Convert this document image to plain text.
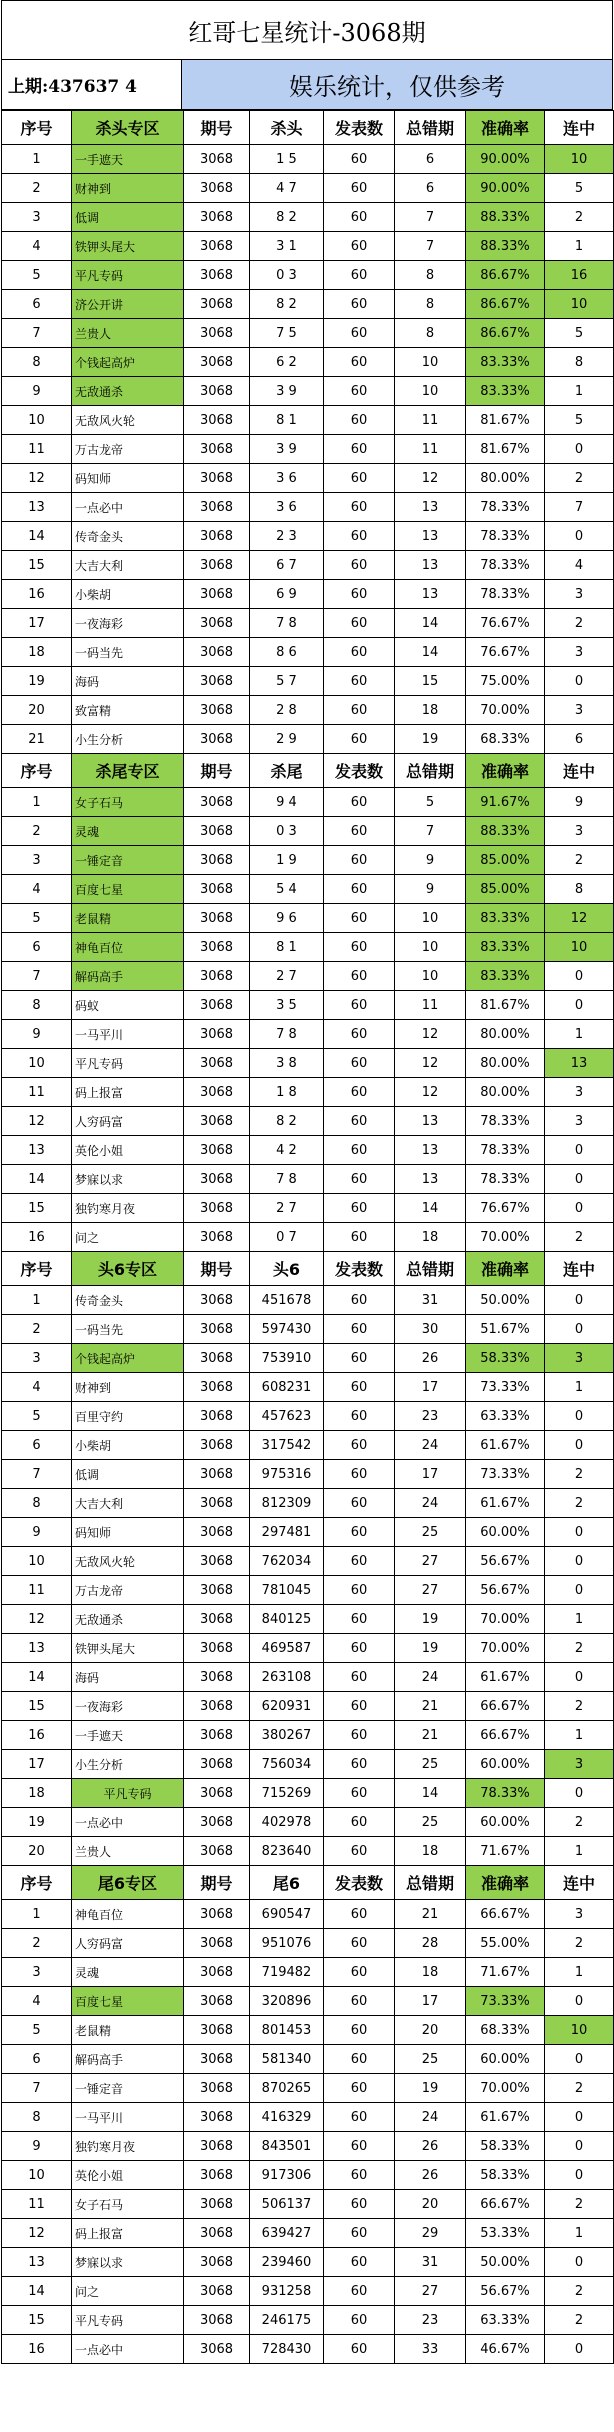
红哥七星统计-3068期
上期:437637 4	娱乐统计，仅供参考
序号	杀头专区	期号	杀头	发表数	总错期	准确率	连中
1	一手遮天	3068	1 5	60	6	90.00%	10
2	财神到	3068	4 7	60	6	90.00%	5
3	低调	3068	8 2	60	7	88.33%	2
4	铁钾头尾大	3068	3 1	60	7	88.33%	1
5	平凡专码	3068	0 3	60	8	86.67%	16
6	济公开讲	3068	8 2	60	8	86.67%	10
7	兰贵人	3068	7 5	60	8	86.67%	5
8	个钱起高炉	3068	6 2	60	10	83.33%	8
9	无敌通杀	3068	3 9	60	10	83.33%	1
10	无敌风火轮	3068	8 1	60	11	81.67%	5
11	万古龙帝	3068	3 9	60	11	81.67%	0
12	码知师	3068	3 6	60	12	80.00%	2
13	一点必中	3068	3 6	60	13	78.33%	7
14	传奇金头	3068	2 3	60	13	78.33%	0
15	大吉大利	3068	6 7	60	13	78.33%	4
16	小柴胡	3068	6 9	60	13	78.33%	3
17	一夜海彩	3068	7 8	60	14	76.67%	2
18	一码当先	3068	8 6	60	14	76.67%	3
19	海码	3068	5 7	60	15	75.00%	0
20	致富精	3068	2 8	60	18	70.00%	3
21	小生分析	3068	2 9	60	19	68.33%	6
序号	杀尾专区	期号	杀尾	发表数	总错期	准确率	连中
1	女子石马	3068	9 4	60	5	91.67%	9
2	灵魂	3068	0 3	60	7	88.33%	3
3	一锤定音	3068	1 9	60	9	85.00%	2
4	百度七星	3068	5 4	60	9	85.00%	8
5	老鼠精	3068	9 6	60	10	83.33%	12
6	神龟百位	3068	8 1	60	10	83.33%	10
7	解码高手	3068	2 7	60	10	83.33%	0
8	码蚁	3068	3 5	60	11	81.67%	0
9	一马平川	3068	7 8	60	12	80.00%	1
10	平凡专码	3068	3 8	60	12	80.00%	13
11	码上报富	3068	1 8	60	12	80.00%	3
12	人穷码富	3068	8 2	60	13	78.33%	3
13	英伦小姐	3068	4 2	60	13	78.33%	0
14	梦寐以求	3068	7 8	60	13	78.33%	0
15	独钓寒月夜	3068	2 7	60	14	76.67%	0
16	问之	3068	0 7	60	18	70.00%	2
序号	头6专区	期号	头6	发表数	总错期	准确率	连中
1	传奇金头	3068	451678	60	31	50.00%	0
2	一码当先	3068	597430	60	30	51.67%	0
3	个钱起高炉	3068	753910	60	26	58.33%	3
4	财神到	3068	608231	60	17	73.33%	1
5	百里守约	3068	457623	60	23	63.33%	0
6	小柴胡	3068	317542	60	24	61.67%	0
7	低调	3068	975316	60	17	73.33%	2
8	大吉大利	3068	812309	60	24	61.67%	2
9	码知师	3068	297481	60	25	60.00%	0
10	无敌风火轮	3068	762034	60	27	56.67%	0
11	万古龙帝	3068	781045	60	27	56.67%	0
12	无敌通杀	3068	840125	60	19	70.00%	1
13	铁钾头尾大	3068	469587	60	19	70.00%	2
14	海码	3068	263108	60	24	61.67%	0
15	一夜海彩	3068	620931	60	21	66.67%	2
16	一手遮天	3068	380267	60	21	66.67%	1
17	小生分析	3068	756034	60	25	60.00%	3
18	平凡专码	3068	715269	60	14	78.33%	0
19	一点必中	3068	402978	60	25	60.00%	2
20	兰贵人	3068	823640	60	18	71.67%	1
序号	尾6专区	期号	尾6	发表数	总错期	准确率	连中
1	神龟百位	3068	690547	60	21	66.67%	3
2	人穷码富	3068	951076	60	28	55.00%	2
3	灵魂	3068	719482	60	18	71.67%	1
4	百度七星	3068	320896	60	17	73.33%	0
5	老鼠精	3068	801453	60	20	68.33%	10
6	解码高手	3068	581340	60	25	60.00%	0
7	一锤定音	3068	870265	60	19	70.00%	2
8	一马平川	3068	416329	60	24	61.67%	0
9	独钓寒月夜	3068	843501	60	26	58.33%	0
10	英伦小姐	3068	917306	60	26	58.33%	0
11	女子石马	3068	506137	60	20	66.67%	2
12	码上报富	3068	639427	60	29	53.33%	1
13	梦寐以求	3068	239460	60	31	50.00%	0
14	问之	3068	931258	60	27	56.67%	2
15	平凡专码	3068	246175	60	23	63.33%	2
16	一点必中	3068	728430	60	33	46.67%	0
